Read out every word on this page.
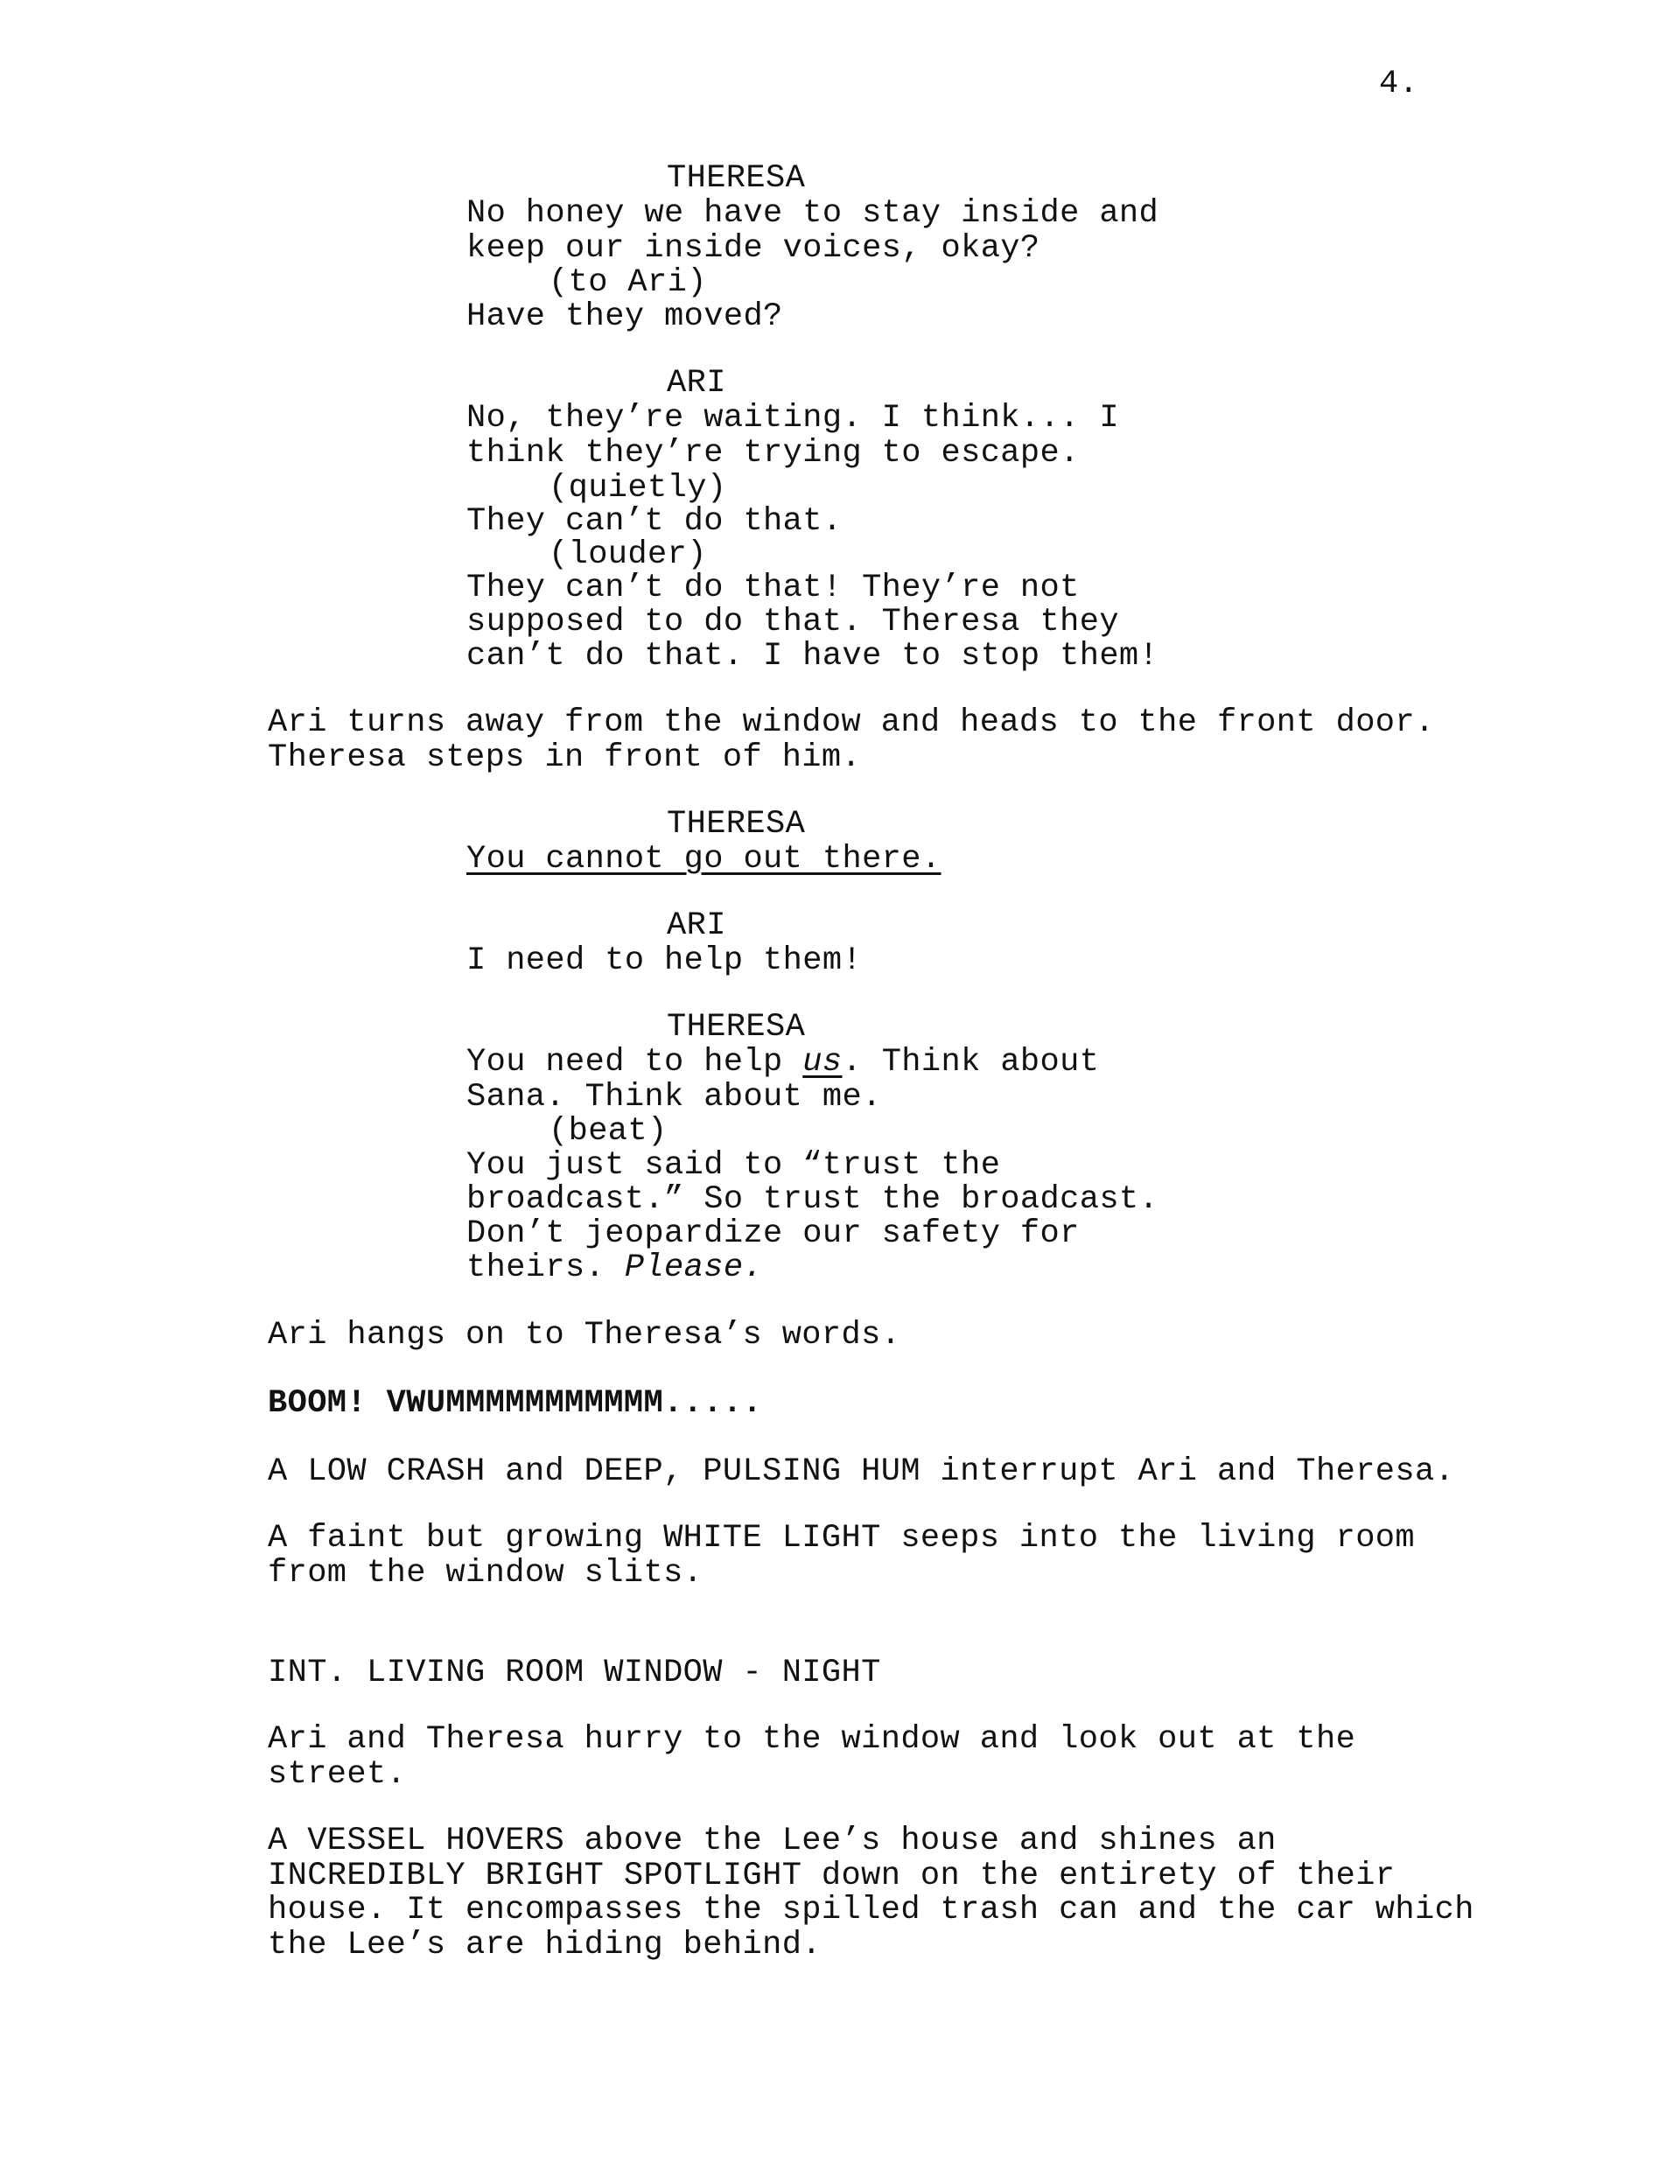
4.
THERESA
No honey we have to stay inside and
keep our inside voices, okay?
(to Ari)
Have they moved?
ARI
No, they’re waiting. I think... I
think they’re trying to escape.
(quietly)
They can’t do that.
(louder)
They can’t do that! They’re not
supposed to do that. Theresa they
can’t do that. I have to stop them!
Ari turns away from the window and heads to the front door.
Theresa steps in front of him.
THERESA
You cannot go out there.
ARI
I need to help them!
THERESA
You need to help us. Think about
Sana. Think about me.
(beat)
You just said to “trust the
broadcast.” So trust the broadcast.
Don’t jeopardize our safety for
theirs. Please.
Ari hangs on to Theresa’s words.
BOOM! VWUMMMMMMMMMMM.....
A LOW CRASH and DEEP, PULSING HUM interrupt Ari and Theresa.
A faint but growing WHITE LIGHT seeps into the living room
from the window slits.
INT. LIVING ROOM WINDOW - NIGHT
Ari and Theresa hurry to the window and look out at the
street.
A VESSEL HOVERS above the Lee’s house and shines an
INCREDIBLY BRIGHT SPOTLIGHT down on the entirety of their
house. It encompasses the spilled trash can and the car which
the Lee’s are hiding behind.
